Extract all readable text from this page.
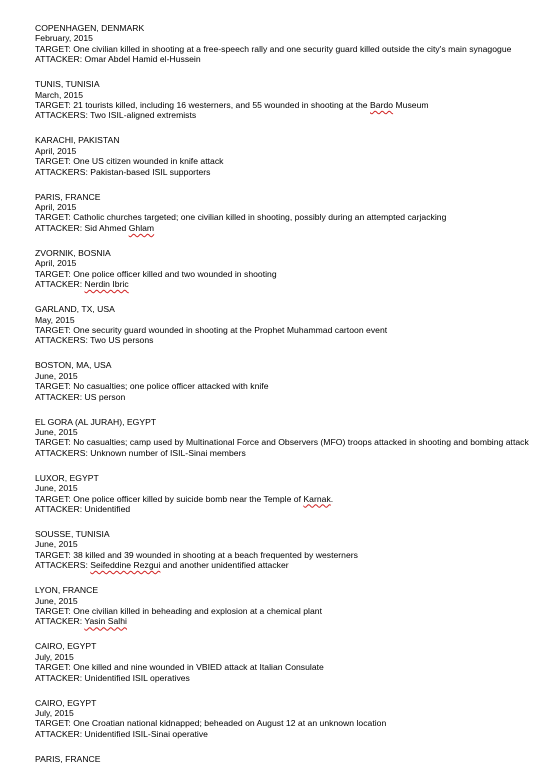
COPENHAGEN, DENMARK
February, 2015
TARGET: One civilian killed in shooting at a free-speech rally and one security guard killed outside the city's main synagogue
ATTACKER: Omar Abdel Hamid el-Hussein
TUNIS, TUNISIA
March, 2015
TARGET: 21 tourists killed, including 16 westerners, and 55 wounded in shooting at the Bardo Museum
ATTACKERS: Two ISIL-aligned extremists
KARACHI, PAKISTAN
April, 2015
TARGET: One US citizen wounded in knife attack
ATTACKERS: Pakistan-based ISIL supporters
PARIS, FRANCE
April, 2015
TARGET: Catholic churches targeted; one civilian killed in shooting, possibly during an attempted carjacking
ATTACKER: Sid Ahmed Ghlam
ZVORNIK, BOSNIA
April, 2015
TARGET: One police officer killed and two wounded in shooting
ATTACKER: Nerdin Ibric
GARLAND, TX, USA
May, 2015
TARGET: One security guard wounded in shooting at the Prophet Muhammad cartoon event
ATTACKERS: Two US persons
BOSTON, MA, USA
June, 2015
TARGET: No casualties; one police officer attacked with knife
ATTACKER: US person
EL GORA (AL JURAH), EGYPT
June, 2015
TARGET: No casualties; camp used by Multinational Force and Observers (MFO) troops attacked in shooting and bombing attack
ATTACKERS: Unknown number of ISIL-Sinai members
LUXOR, EGYPT
June, 2015
TARGET: One police officer killed by suicide bomb near the Temple of Karnak.
ATTACKER: Unidentified
SOUSSE, TUNISIA
June, 2015
TARGET: 38 killed and 39 wounded in shooting at a beach frequented by westerners
ATTACKERS: Seifeddine Rezgui and another unidentified attacker
LYON, FRANCE
June, 2015
TARGET: One civilian killed in beheading and explosion at a chemical plant
ATTACKER: Yasin Salhi
CAIRO, EGYPT
July, 2015
TARGET: One killed and nine wounded in VBIED attack at Italian Consulate
ATTACKER: Unidentified ISIL operatives
CAIRO, EGYPT
July, 2015
TARGET: One Croatian national kidnapped; beheaded on August 12 at an unknown location
ATTACKER: Unidentified ISIL-Sinai operative
PARIS, FRANCE
